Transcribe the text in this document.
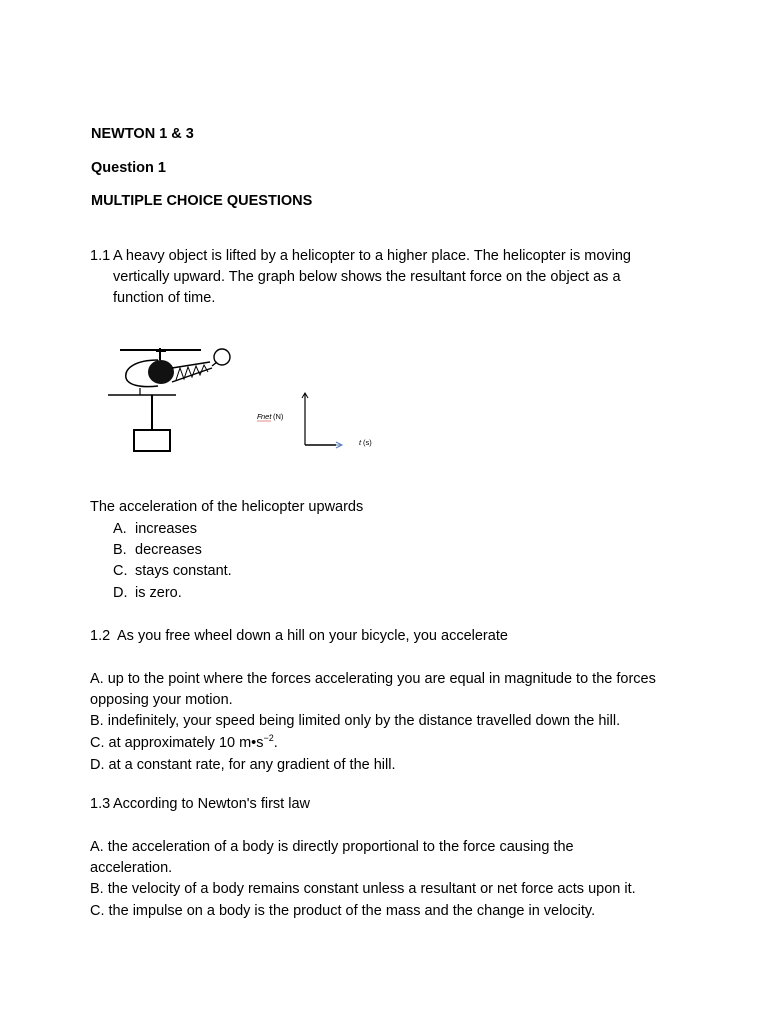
NEWTON 1 & 3
Question 1
MULTIPLE CHOICE QUESTIONS
1.1 A heavy object is lifted by a helicopter to a higher place. The helicopter is moving
vertically upward. The graph below shows the resultant force on the object as a
function of time.
F net (N)
t (s)
The acceleration of the helicopter upwards
A. increases
B. decreases
C. stays constant.
D. is zero.
1.2 As you free wheel down a hill on your bicycle, you accelerate
A. up to the point where the forces accelerating you are equal in magnitude to the forces
opposing your motion.
B. indefinitely, your speed being limited only by the distance travelled down the hill.
C. at approximately 10 $m•s^{-2}$.
D. at a constant rate, for any gradient of the hill.
1.3 According to Newton's first law
A. the acceleration of a body is directly proportional to the force causing the
acceleration.
B. the velocity of a body remains constant unless a resultant or net force acts upon it.
C. the impulse on a body is the product of the mass and the change in velocity.
